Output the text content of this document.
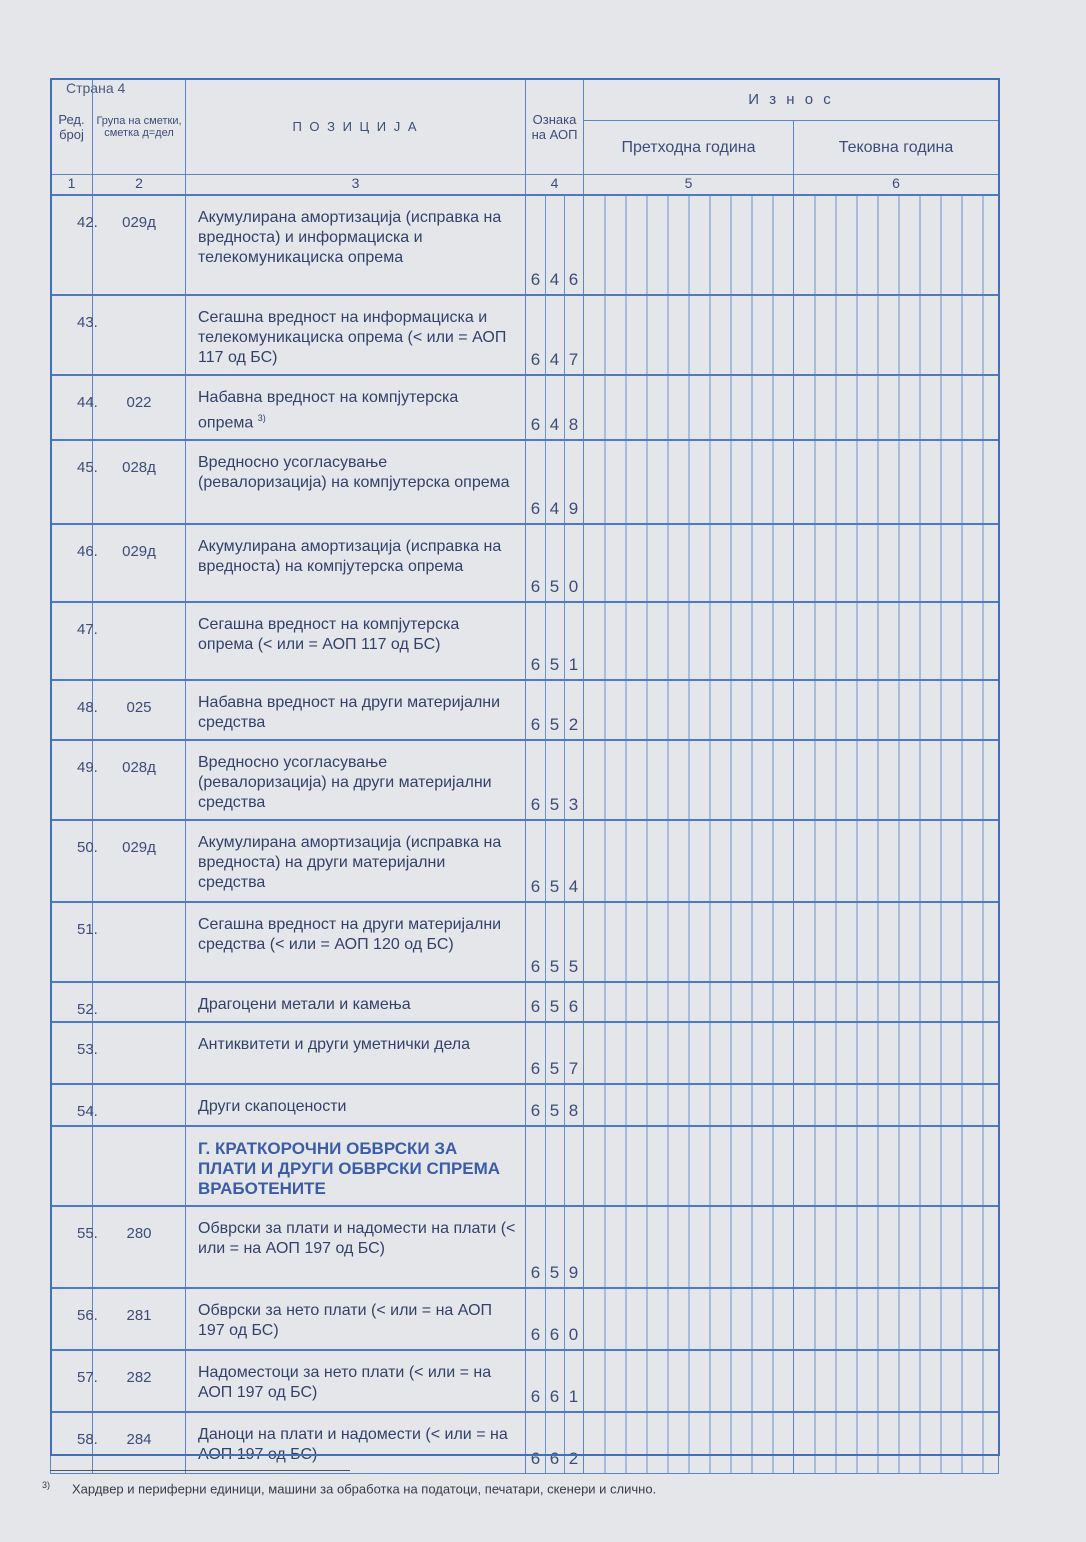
Страна 4
Ред. број	Група на сметки, сметка д=дел	П О З И Ц И Ј А	Ознака на АОП	И з н о с	
				Претходна година	Тековна година
1	2	3	4	5	6
42.	029д	Акумулирана амортизација (исправка на вредноста) и информациска и телекомуникациска опрема	6 4 6		

43.		Сегашна вредност на информациска и телекомуникациска опрема (< или = АОП 117 од БС)	6 4 7		

44.	022	Набавна вредност на компјутерска опрема $^{3)}$	6 4 8		

45.	028д	Вредносно усогласување (ревалоризација) на компјутерска опрема	6 4 9		

46.	029д	Акумулирана амортизација (исправка на вредноста) на компјутерска опрема	6 5 0		

47.		Сегашна вредност на компјутерска опрема (< или = АОП 117 од БС)	6 5 1		

48.	025	Набавна вредност на други материјални средства	6 5 2		

49.	028д	Вредносно усогласување (ревалоризација) на други материјални средства	6 5 3		

50.	029д	Акумулирана амортизација (исправка на вредноста) на други материјални средства	6 5 4		

51.		Сегашна вредност на други материјални средства (< или = АОП 120 од БС)	6 5 5		

52.		Драгоцени метали и камења	6 5 6		

53.		Антиквитети и други уметнички дела	6 5 7		

54.		Други скапоцености	6 5 8		

		Г. КРАТКОРОЧНИ ОБВРСКИ ЗА ПЛАТИ И ДРУГИ ОБВРСКИ СПРЕМА ВРАБОТЕНИТЕ	

55.	280	Обврски за плати и надомести на плати (< или = на АОП 197 од БС)	6 5 9		

56.	281	Обврски за нето плати (< или = на АОП 197 од БС)	6 6 0		

57.	282	Надоместоци за нето плати (< или = на АОП 197 од БС)	6 6 1		

58.	284	Даноци на плати и надомести (< или = на АОП 197 од БС)	6 6 2		

$^{3)}$ Хардвер и периферни единици, машини за обработка на податоци, печатари, скенери и слично.
